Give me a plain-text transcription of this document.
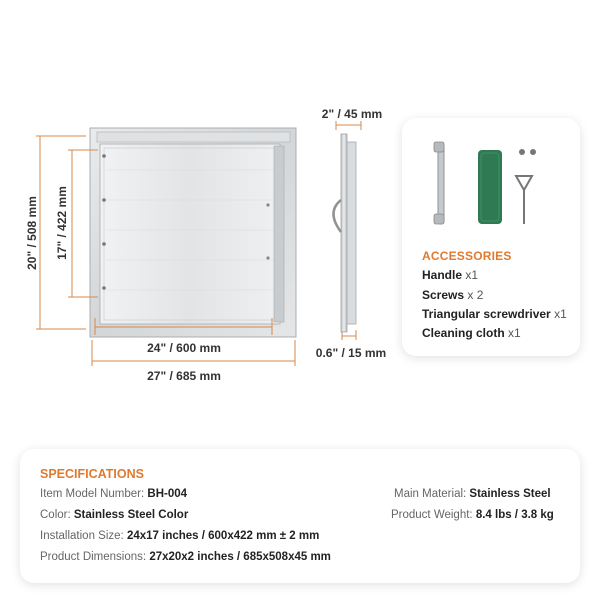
20" / 508 mm 17" / 422 mm
24" / 600 mm
27" / 685 mm
2" / 45 mm
0.6" / 15 mm
ACCESSORIES
Handle x1
Screws x 2
Triangular screwdriver x1
Cleaning cloth x1
SPECIFICATIONS
Item Model Number: BH-004
Color: Stainless Steel Color
Installation Size: 24x17 inches / 600x422 mm ± 2 mm
Product Dimensions: 27x20x2 inches / 685x508x45 mm
Main Material: Stainless Steel
Product Weight: 8.4 lbs / 3.8 kg
